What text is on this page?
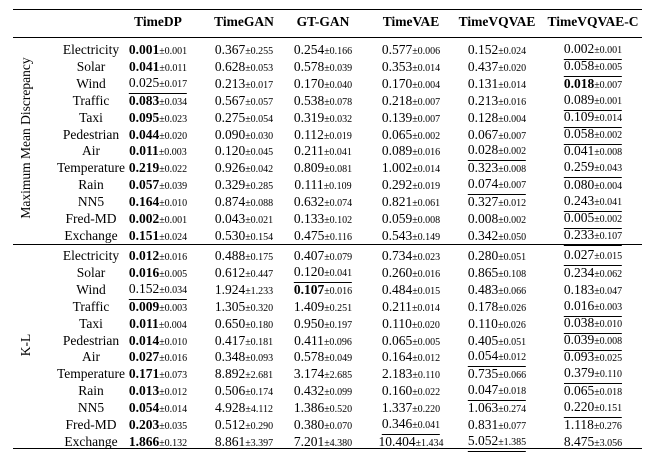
TimeDP TimeGAN GT-GAN TimeVAE TimeVQVAE TimeVQVAE-C
Maximum Mean Discrepancy
K-L
Electricity 0.001±0.001 0.367±0.255 0.254±0.166 0.577±0.006 0.152±0.024	0.002±0.001
Solar	0.041±0.011 0.628±0.053 0.578±0.039 0.353±0.014 0.437±0.020	0.058±0.005
Wind	0.025±0.017 0.213±0.017 0.170±0.040 0.170±0.004 0.131±0.014	0.018±0.007
Traffic	0.083±0.034 0.567±0.057 0.538±0.078 0.218±0.007 0.213±0.016	0.089±0.001
Taxi	0.095±0.023 0.275±0.054 0.319±0.032 0.139±0.007 0.128±0.004	0.109±0.014
Pedestrian 0.044±0.020 0.090±0.030 0.112±0.019 0.065±0.002 0.067±0.007	0.058±0.002
Air	0.011±0.003 0.120±0.045 0.211±0.041 0.089±0.016 0.028±0.002	0.041±0.008
Temperature 0.219±0.022 0.926±0.042 0.809±0.081 1.002±0.014 0.323±0.008	0.259±0.043
Rain	0.057±0.039 0.329±0.285 0.111±0.109 0.292±0.019 0.074±0.007	0.080±0.004
NN5	0.164±0.010 0.874±0.088 0.632±0.074 0.821±0.061 0.327±0.012	0.243±0.041
Fred-MD 0.002±0.001 0.043±0.021 0.133±0.102 0.059±0.008 0.008±0.002	0.005±0.002
Exchange 0.151±0.024 0.530±0.154 0.475±0.116 0.543±0.149 0.342±0.050	0.233±0.107
Electricity 0.012±0.016 0.488±0.175 0.407±0.079 0.734±0.023 0.280±0.051	0.027±0.015
Solar	0.016±0.005 0.612±0.447 0.120±0.041 0.260±0.016 0.865±0.108	0.234±0.062
Wind	0.152±0.034 1.924±1.233 0.107±0.016 0.484±0.015 0.483±0.066	0.183±0.047
Traffic	0.009±0.003 1.305±0.320 1.409±0.251 0.211±0.014 0.178±0.026	0.016±0.003
Taxi	0.011±0.004 0.650±0.180 0.950±0.197 0.110±0.020 0.110±0.026	0.038±0.010
Pedestrian 0.014±0.010 0.417±0.181 0.411±0.096 0.065±0.005 0.405±0.051	0.039±0.008
Air	0.027±0.016 0.348±0.093 0.578±0.049 0.164±0.012 0.054±0.012	0.093±0.025
Temperature 0.171±0.073 8.892±2.681 3.174±2.685 2.183±0.110 0.735±0.066	0.379±0.110
Rain	0.013±0.012 0.506±0.174 0.432±0.099 0.160±0.022 0.047±0.018	0.065±0.018
NN5	0.054±0.014 4.928±4.112 1.386±0.520 1.337±0.220 1.063±0.274	0.220±0.151
Fred-MD 0.203±0.035 0.512±0.290 0.380±0.070 0.346±0.041 0.831±0.077	1.118±0.276
Exchange 1.866±0.132 8.861±3.397 7.201±4.380 10.404±1.434 5.052±1.385	8.475±3.056
